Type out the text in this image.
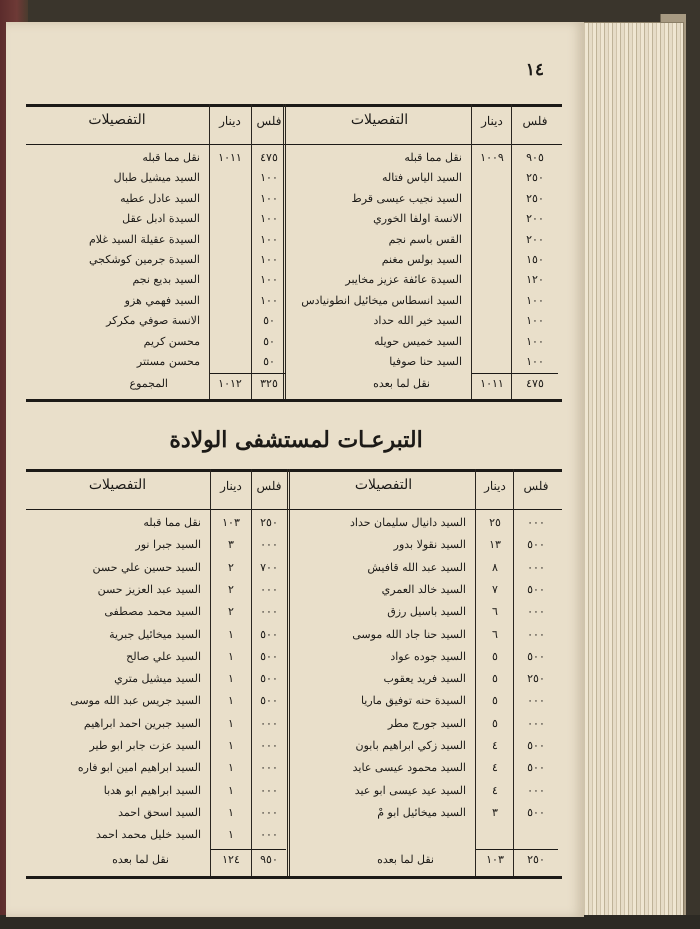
١٤
التبرعـات لمستشفى الولادة
فلس
دينار
التفصيلات
٩٠٥
١٠٠٩
نقل مما قبله
٢٥٠
السيد الياس فتاله
٢٥٠
السيد نجيب عيسى قرط
٢٠٠
الانسة اولفا الخوري
٢٠٠
القس باسم نجم
١٥٠
السيد بولس مغنم
١٢٠
السيدة عائفة عزيز مخايبر
١٠٠
السيد انسطاس ميخائيل انطونيادس
١٠٠
السيد خير الله حداد
١٠٠
السيد خميس حويله
١٠٠
السيد حنا صوفيا
٤٧٥
١٠١١
نقل لما بعده
فلس
دينار
التفصيلات
٤٧٥
١٠١١
نقل مما قبله
١٠٠
السيد ميشيل طبال
١٠٠
السيد عادل عطيه
١٠٠
السيدة ادبل عقل
١٠٠
السيدة عقيلة السيد غلام
١٠٠
السيدة جرمين كوشكجي
١٠٠
السيد بديع نجم
١٠٠
السيد فهمي هزو
٥٠
الانسة صوفي مكركر
٥٠
محسن كريم
٥٠
محسن مستتر
٣٢٥
١٠١٢
المجموع
فلس
دينار
التفصيلات
٠٠٠
٢٥
السيد دانيال سليمان حداد
٥٠٠
١٣
السيد نقولا بدور
٠٠٠
٨
السيد عبد الله قافيش
٥٠٠
٧
السيد خالد العمري
٠٠٠
٦
السيد باسيل رزق
٠٠٠
٦
السيد حنا جاد الله موسى
٥٠٠
٥
السيد جوده عواد
٢٥٠
٥
السيد فريد يعقوب
٠٠٠
٥
السيدة حنه توفيق ماريا
٠٠٠
٥
السيد جورج مطر
٥٠٠
٤
السيد زكي ابراهيم بابون
٥٠٠
٤
السيد محمود عيسى عايد
٠٠٠
٤
السيد عيد عيسى ابو عيد
٥٠٠
٣
السيد ميخائيل ابو مْ
٢٥٠
١٠٣
نقل لما بعده
فلس
دينار
التفصيلات
٢٥٠
١٠٣
نقل مما قبله
٠٠٠
٣
السيد جبرا نور
٧٠٠
٢
السيد حسين علي حسن
٠٠٠
٢
السيد عبد العزيز حسن
٠٠٠
٢
السيد محمد مصطفى
٥٠٠
١
السيد ميخائيل جبرية
٥٠٠
١
السيد علي صالح
٥٠٠
١
السيد ميشيل متري
٥٠٠
١
السيد جريس عبد الله موسى
٠٠٠
١
السيد جبرين احمد ابراهيم
٠٠٠
١
السيد عزت جابر ابو طير
٠٠٠
١
السيد ابراهيم امين ابو فاره
٠٠٠
١
السيد ابراهيم ابو هدبا
٠٠٠
١
السيد اسحق احمد
٠٠٠
١
السيد خليل محمد احمد
٩٥٠
١٢٤
نقل لما بعده
